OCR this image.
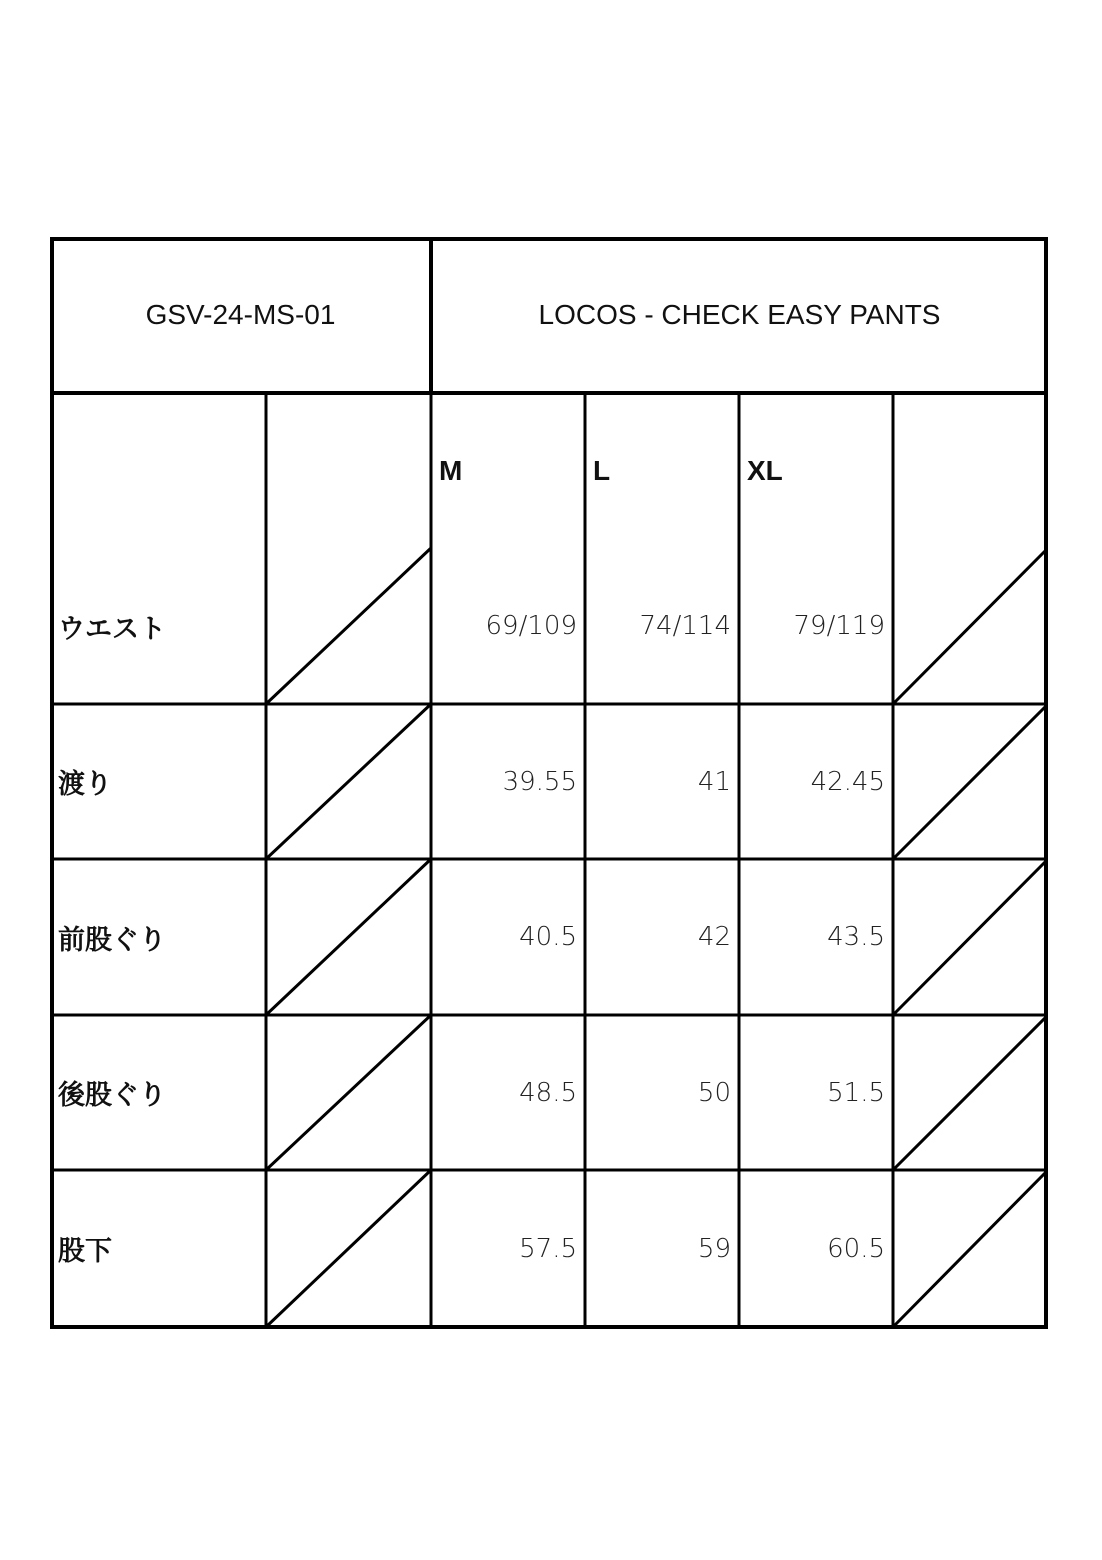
GSV-24-MS-01	LOCOS - CHECK EASY PANTS
M	L	XL
ウエスト	69/109	74/114	79/119
渡り	39.55	41	42.45
前股ぐり	40.5	42	43.5
後股ぐり	48.5	50	51.5
股下	57.5	59	60.5
